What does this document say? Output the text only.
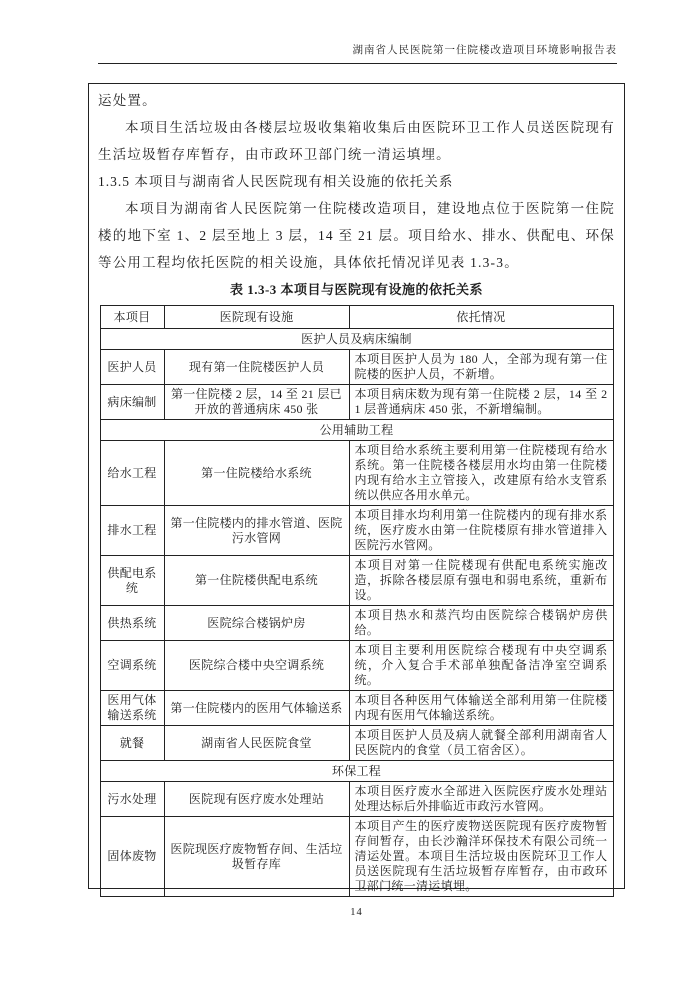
湖南省人民医院第一住院楼改造项目环境影响报告表

运处置。

本项目生活垃圾由各楼层垃圾收集箱收集后由医院环卫工作人员送医院现有生活垃圾暂存库暂存，由市政环卫部门统一清运填埋。

1.3.5 本项目与湖南省人民医院现有相关设施的依托关系

本项目为湖南省人民医院第一住院楼改造项目，建设地点位于医院第一住院楼的地下室 1、2 层至地上 3 层，14 至 21 层。项目给水、排水、供配电、环保等公用工程均依托医院的相关设施，具体依托情况详见表 1.3-3。

表 1.3-3 本项目与医院现有设施的依托关系

本项目	医院现有设施	依托情况
医护人员及病床编制		
医护人员	现有第一住院楼医护人员	本项目医护人员为 180 人，全部为现有第一住院楼的医护人员，不新增。
病床编制	第一住院楼 2 层，14 至 21 层已开放的普通病床 450 张	本项目病床数为现有第一住院楼 2 层，14 至 21 层普通病床 450 张，不新增编制。
公用辅助工程		
给水工程	第一住院楼给水系统	本项目给水系统主要利用第一住院楼现有给水系统。第一住院楼各楼层用水均由第一住院楼内现有给水主立管接入，改建原有给水支管系统以供应各用水单元。
排水工程	第一住院楼内的排水管道、医院污水管网	本项目排水均利用第一住院楼内的现有排水系统，医疗废水由第一住院楼原有排水管道排入医院污水管网。
供配电系统	第一住院楼供配电系统	本项目对第一住院楼现有供配电系统实施改造，拆除各楼层原有强电和弱电系统，重新布设。
供热系统	医院综合楼锅炉房	本项目热水和蒸汽均由医院综合楼锅炉房供给。
空调系统	医院综合楼中央空调系统	本项目主要利用医院综合楼现有中央空调系统，介入复合手术部单独配备洁净室空调系统。
医用气体输送系统	第一住院楼内的医用气体输送系	本项目各种医用气体输送全部利用第一住院楼内现有医用气体输送系统。
就餐	湖南省人民医院食堂	本项目医护人员及病人就餐全部利用湖南省人民医院内的食堂（员工宿舍区）。
环保工程		
污水处理	医院现有医疗废水处理站	本项目医疗废水全部进入医院医疗废水处理站处理达标后外排临近市政污水管网。
固体废物	医院现医疗废物暂存间、生活垃圾暂存库	本项目产生的医疗废物送医院现有医疗废物暂存间暂存，由长沙瀚洋环保技术有限公司统一清运处置。本项目生活垃圾由医院环卫工作人员送医院现有生活垃圾暂存库暂存，由市政环卫部门统一清运填埋。
14
